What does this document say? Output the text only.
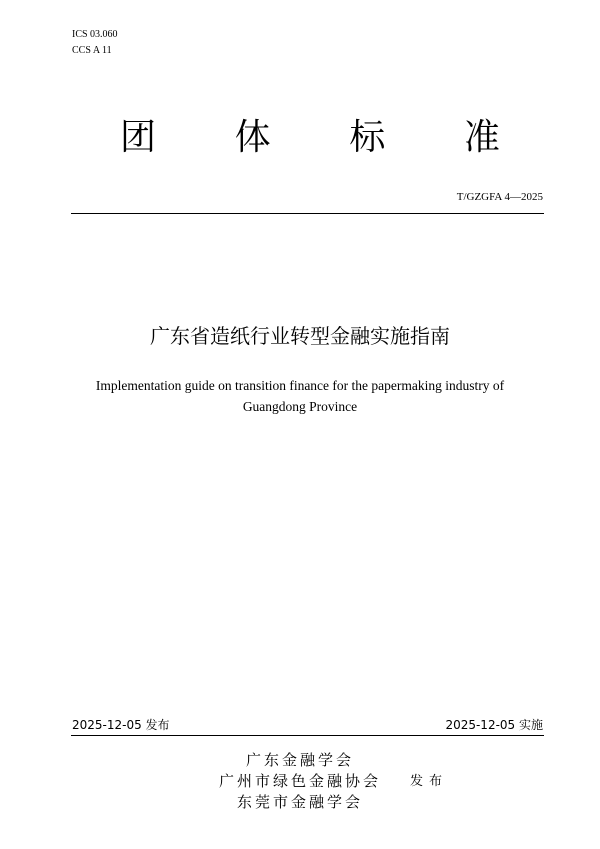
ICS 03.060
CCS A 11
团 体 标 准
T/GZGFA 4—2025
广东省造纸行业转型金融实施指南
Implementation guide on transition finance for the papermaking industry of
Guangdong Province
2025-12-05 发布	2025-12-05 实施
广东金融学会
广州市绿色金融协会
东莞市金融学会
发布
